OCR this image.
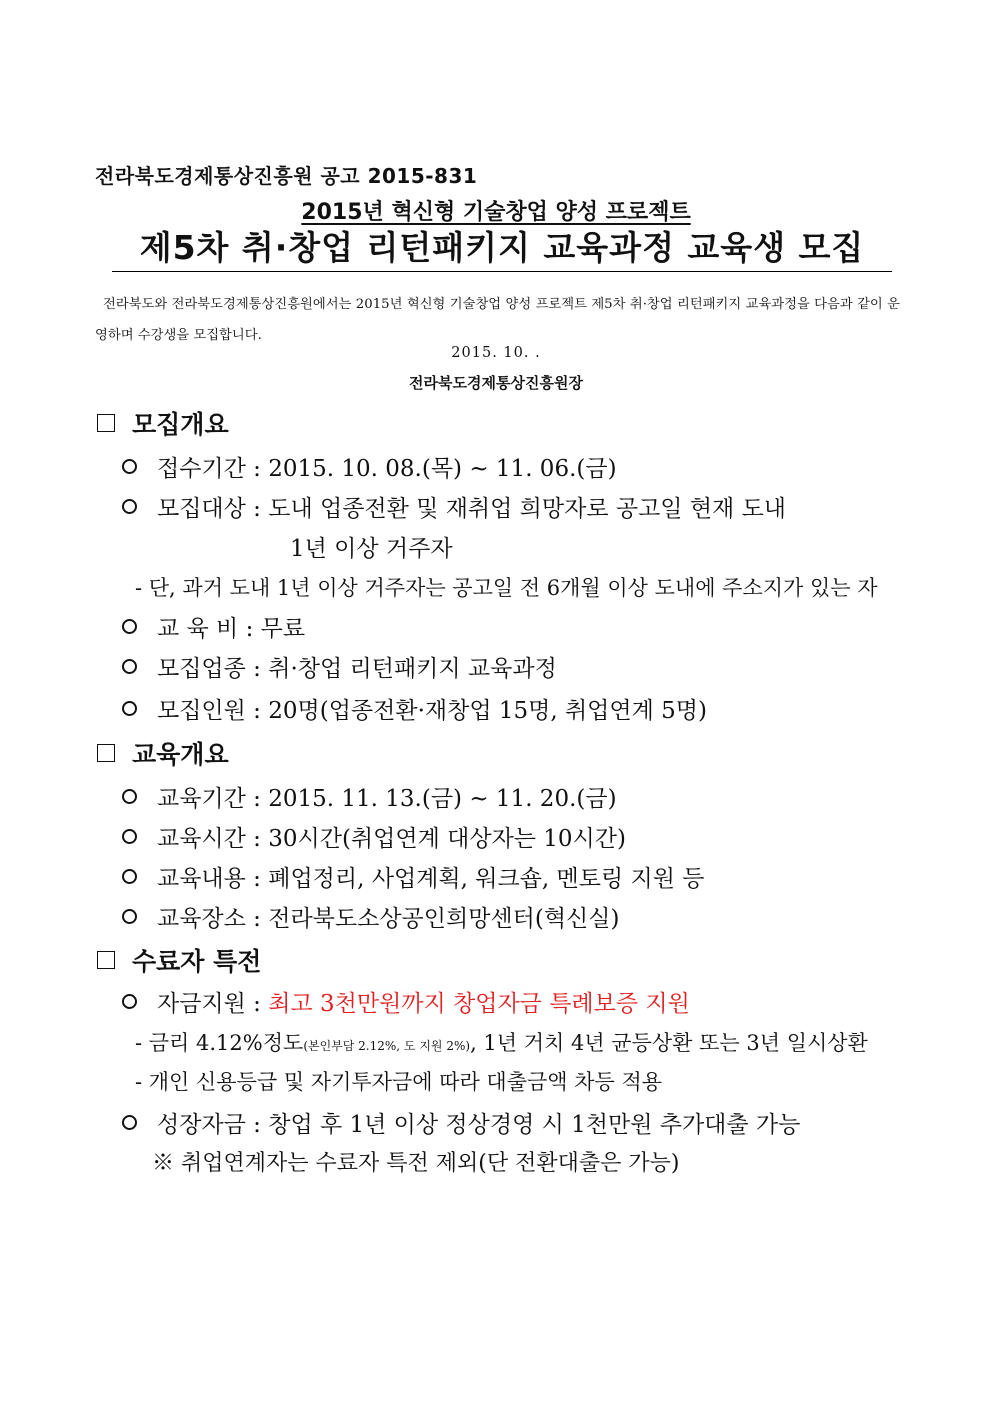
전라북도경제통상진흥원 공고 2015-831
2015년 혁신형 기술창업 양성 프로젝트
제5차 취·창업 리턴패키지 교육과정 교육생 모집
전라북도와 전라북도경제통상진흥원에서는 2015년 혁신형 기술창업 양성 프로젝트 제5차 취·창업 리턴패키지 교육과정을 다음과 같이 운영하며 수강생을 모집합니다.
2015. 10. .
전라북도경제통상진흥원장
모집개요
접수기간 : 2015. 10. 08.(목) ~ 11. 06.(금)
모집대상 : 도내 업종전환 및 재취업 희망자로 공고일 현재 도내
1년 이상 거주자
- 단, 과거 도내 1년 이상 거주자는 공고일 전 6개월 이상 도내에 주소지가 있는 자
교 육 비 : 무료
모집업종 : 취·창업 리턴패키지 교육과정
모집인원 : 20명(업종전환·재창업 15명, 취업연계 5명)
교육개요
교육기간 : 2015. 11. 13.(금) ~ 11. 20.(금)
교육시간 : 30시간(취업연계 대상자는 10시간)
교육내용 : 폐업정리, 사업계획, 워크숍, 멘토링 지원 등
교육장소 : 전라북도소상공인희망센터(혁신실)
수료자 특전
자금지원 : 최고 3천만원까지 창업자금 특례보증 지원
- 금리 4.12%정도(본인부담 2.12%, 도 지원 2%), 1년 거치 4년 균등상환 또는 3년 일시상환
- 개인 신용등급 및 자기투자금에 따라 대출금액 차등 적용
성장자금 : 창업 후 1년 이상 정상경영 시 1천만원 추가대출 가능
※ 취업연계자는 수료자 특전 제외(단 전환대출은 가능)
